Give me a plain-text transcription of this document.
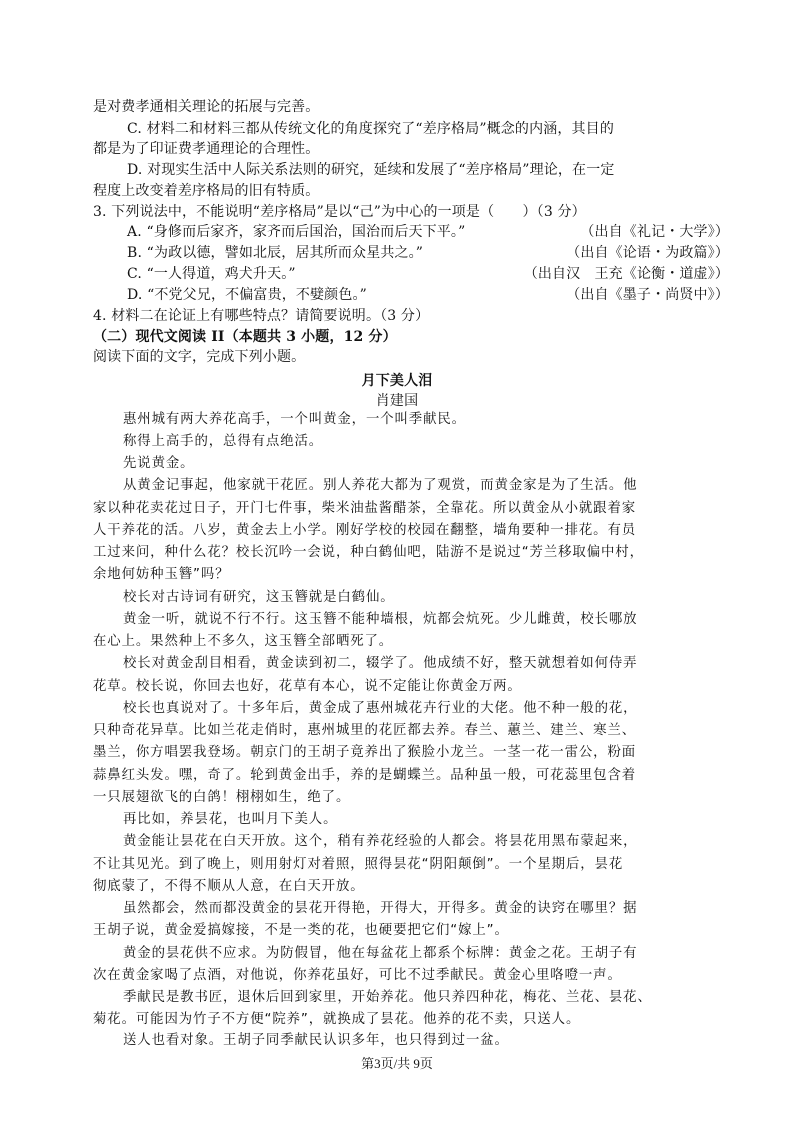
是对费孝通相关理论的拓展与完善。
C. 材料二和材料三都从传统文化的角度探究了“差序格局”概念的内涵，其目的
都是为了印证费孝通理论的合理性。
D. 对现实生活中人际关系法则的研究，延续和发展了“差序格局”理论，在一定
程度上改变着差序格局的旧有特质。
3. 下列说法中，不能说明“差序格局”是以“己”为中心的一项是（　　）（3 分）
A. “身修而后家齐，家齐而后国治，国治而后天下平。”	（出自《礼记・大学》）
B. “为政以德，譬如北辰，居其所而众星共之。”	（出自《论语・为政篇》）
C. “一人得道，鸡犬升天。”	（出自汉　王充《论衡・道虚》）
D. “不党父兄，不偏富贵，不嬖颜色。”	（出自《墨子・尚贤中》）
4. 材料二在论证上有哪些特点？请简要说明。（3 分）
（二）现代文阅读 II（本题共 3 小题，12 分）
阅读下面的文字，完成下列小题。
月下美人泪
肖建国
惠州城有两大养花高手，一个叫黄金，一个叫季献民。
称得上高手的，总得有点绝活。
先说黄金。
从黄金记事起，他家就干花匠。别人养花大都为了观赏，而黄金家是为了生活。他
家以种花卖花过日子，开门七件事，柴米油盐酱醋茶，全靠花。所以黄金从小就跟着家
人干养花的活。八岁，黄金去上小学。刚好学校的校园在翻整，墙角要种一排花。有员
工过来问，种什么花？校长沉吟一会说，种白鹤仙吧，陆游不是说过“芳兰移取偏中村，
余地何妨种玉簪”吗？
校长对古诗词有研究，这玉簪就是白鹤仙。
黄金一听，就说不行不行。这玉簪不能种墙根，炕都会炕死。少儿雌黄，校长哪放
在心上。果然种上不多久，这玉簪全部晒死了。
校长对黄金刮目相看，黄金读到初二，辍学了。他成绩不好，整天就想着如何侍弄
花草。校长说，你回去也好，花草有本心，说不定能让你黄金万两。
校长也真说对了。十多年后，黄金成了惠州城花卉行业的大佬。他不种一般的花，
只种奇花异草。比如兰花走俏时，惠州城里的花匠都去养。春兰、蕙兰、建兰、寒兰、
墨兰，你方唱罢我登场。朝京门的王胡子竟养出了猴脸小龙兰。一茎一花一雷公，粉面
蒜鼻红头发。嘿，奇了。轮到黄金出手，养的是蝴蝶兰。品种虽一般，可花蕊里包含着
一只展翅欲飞的白鸽！栩栩如生，绝了。
再比如，养昙花，也叫月下美人。
黄金能让昙花在白天开放。这个，稍有养花经验的人都会。将昙花用黑布蒙起来，
不让其见光。到了晚上，则用射灯对着照，照得昙花“阴阳颠倒”。一个星期后，昙花
彻底蒙了，不得不顺从人意，在白天开放。
虽然都会，然而都没黄金的昙花开得艳，开得大，开得多。黄金的诀窍在哪里？据
王胡子说，黄金爱搞嫁接，不是一类的花，也硬要把它们“嫁上”。
黄金的昙花供不应求。为防假冒，他在每盆花上都系个标牌：黄金之花。王胡子有
次在黄金家喝了点酒，对他说，你养花虽好，可比不过季献民。黄金心里咯噔一声。
季献民是教书匠，退休后回到家里，开始养花。他只养四种花，梅花、兰花、昙花、
菊花。可能因为竹子不方便“院养”，就换成了昙花。他养的花不卖，只送人。
送人也看对象。王胡子同季献民认识多年，也只得到过一盆。
第3页/共 9页
